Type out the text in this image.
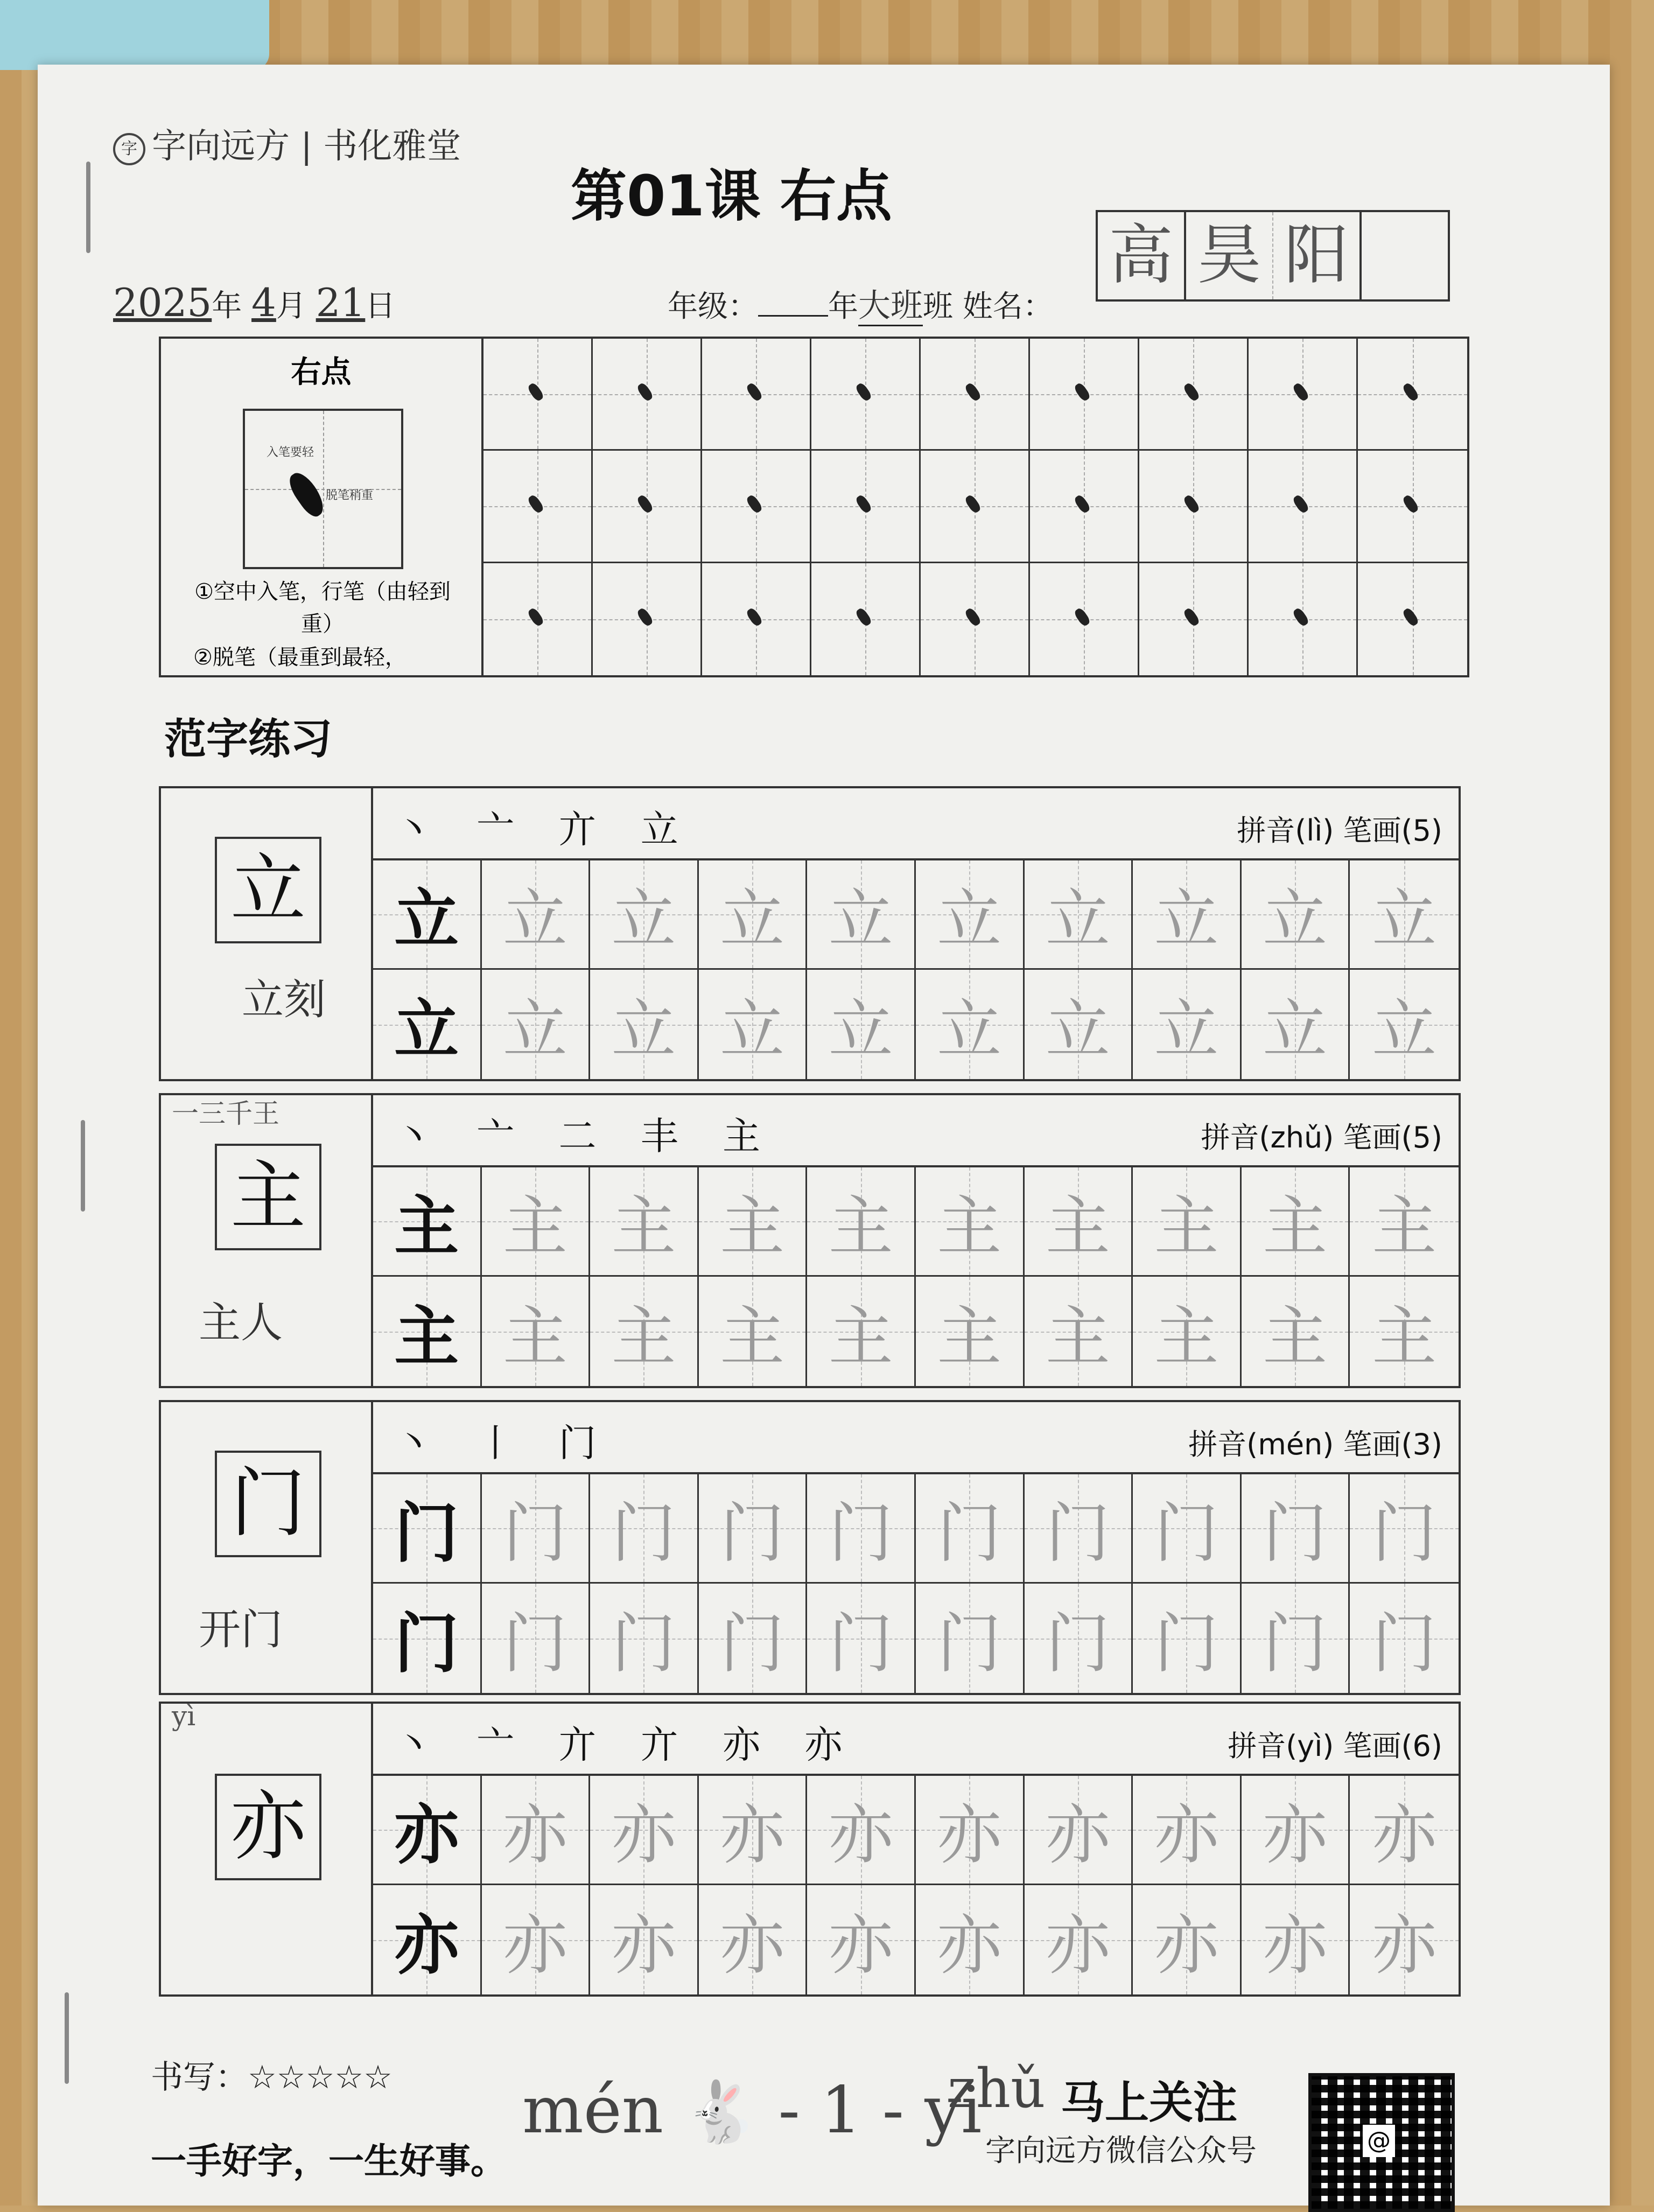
字 字向远方 | 书化雅堂
第01课 右点
2025年 4月 21日	年级： 年大班班 姓名：
高 昊 阳
右点
入笔要轻
脱笔稍重
①空中入笔，行笔（由轻到重）
②脱笔（最重到最轻，
范字练习
立
立刻
丶 亠 亣 立	拼音(lì) 笔画(5)
立 立 立 立 立 立 立 立 立 立
立 立 立 立 立 立 立 立 立 立
一三千王
主
主人
丶 亠 二 丰 主	拼音(zhǔ) 笔画(5)
主 主 主 主 主 主 主 主 主 主
主 主 主 主 主 主 主 主 主 主
门
开门
丶 丨 门	拼音(mén) 笔画(3)
门 门 门 门 门 门 门 门 门 门
门 门 门 门 门 门 门 门 门 门
yì
亦
丶 亠 亣 亣 亦 亦	拼音(yì) 笔画(6)
亦 亦 亦 亦 亦 亦 亦 亦 亦 亦
亦 亦 亦 亦 亦 亦 亦 亦 亦 亦
书写：☆☆☆☆☆
一手好字，一生好事。
mén 🐇 - 1 - yi
zhǔ 马上关注
字向远方微信公众号
@
